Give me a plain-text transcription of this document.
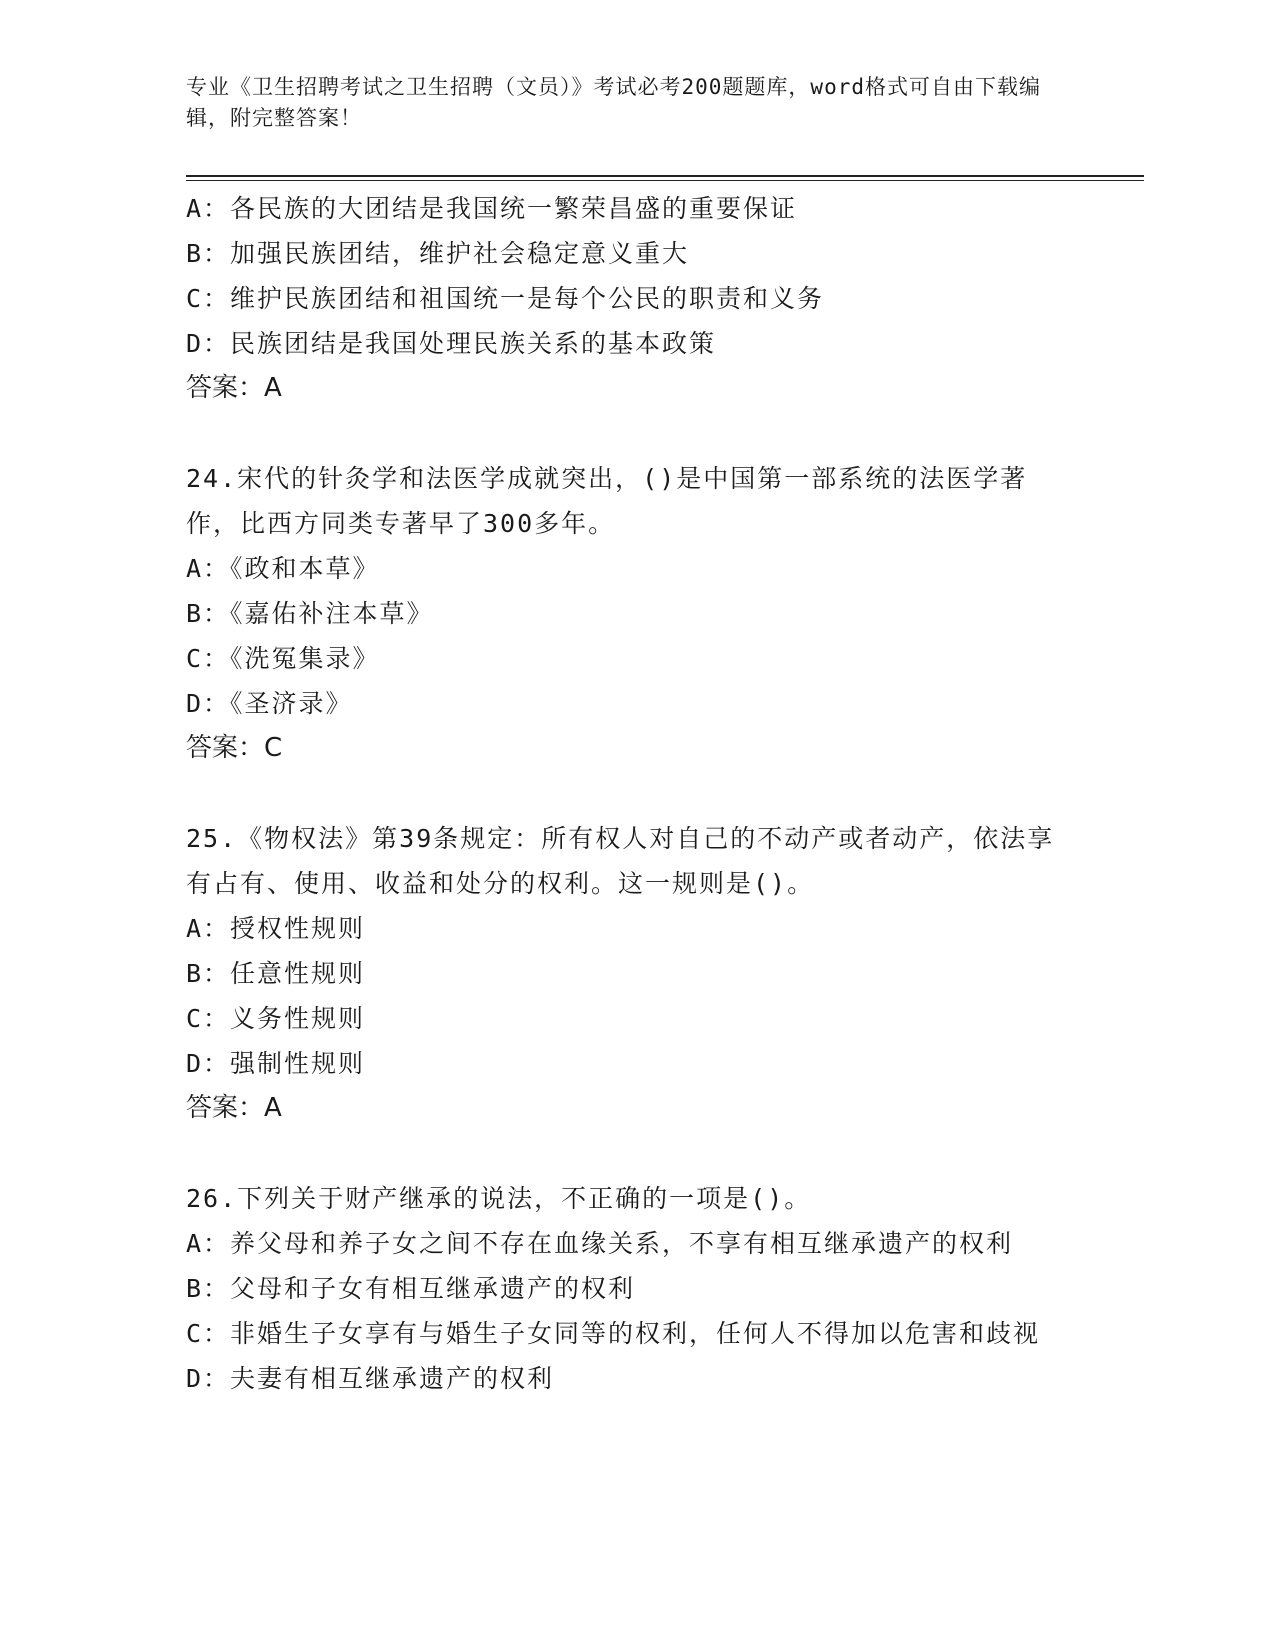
专业《卫生招聘考试之卫生招聘（文员）》考试必考200题题库，word格式可自由下载编辑，附完整答案！
A：各民族的大团结是我国统一繁荣昌盛的重要保证
B：加强民族团结，维护社会稳定意义重大
C：维护民族团结和祖国统一是每个公民的职责和义务
D：民族团结是我国处理民族关系的基本政策
答案：A
24.宋代的针灸学和法医学成就突出，()是中国第一部系统的法医学著作，比西方同类专著早了300多年。
A：《政和本草》
B：《嘉佑补注本草》
C：《洗冤集录》
D：《圣济录》
答案：C
25.《物权法》第39条规定：所有权人对自己的不动产或者动产，依法享有占有、使用、收益和处分的权利。这一规则是()。
A：授权性规则
B：任意性规则
C：义务性规则
D：强制性规则
答案：A
26.下列关于财产继承的说法，不正确的一项是()。
A：养父母和养子女之间不存在血缘关系，不享有相互继承遗产的权利
B：父母和子女有相互继承遗产的权利
C：非婚生子女享有与婚生子女同等的权利，任何人不得加以危害和歧视
D：夫妻有相互继承遗产的权利
